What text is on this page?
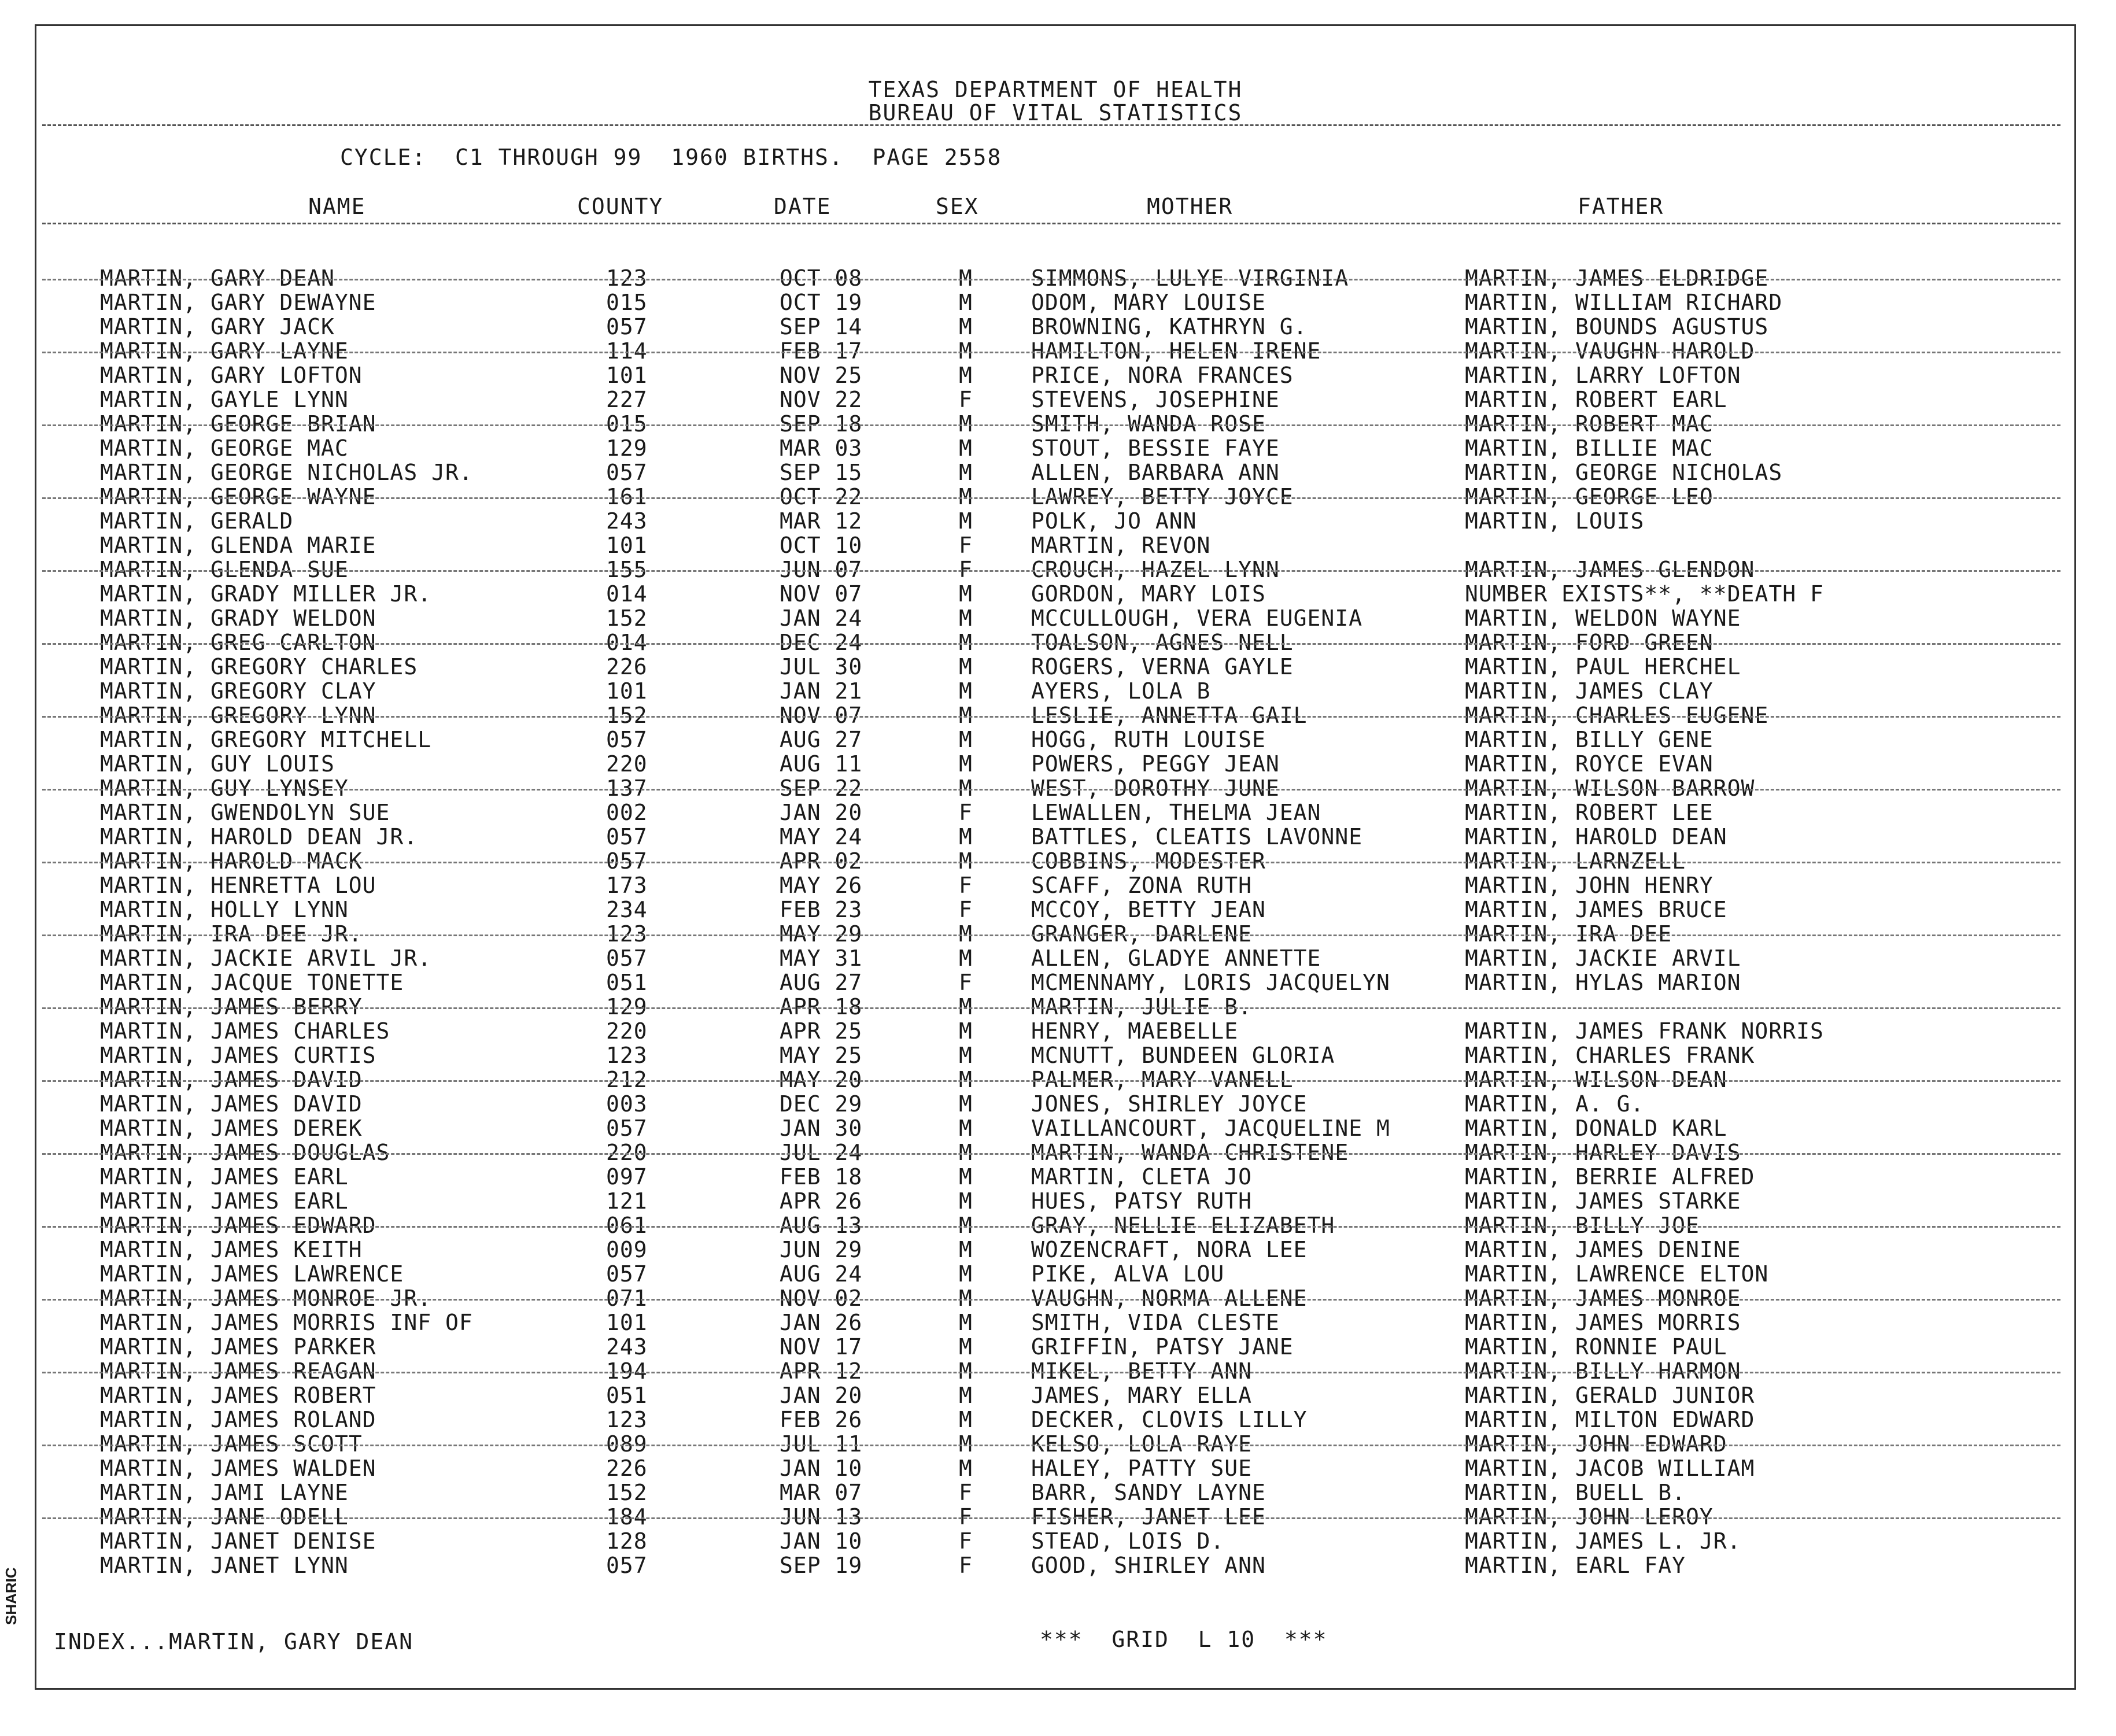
TEXAS DEPARTMENT OF HEALTH
BUREAU OF VITAL STATISTICS
CYCLE:  C1 THROUGH 99  1960 BIRTHS.  PAGE 2558
NAME	COUNTY	DATE	SEX	MOTHER	FATHER
MARTIN, GARY DEAN	123	OCT 08	M	SIMMONS, LULYE VIRGINIA	MARTIN, JAMES ELDRIDGE
MARTIN, GARY DEWAYNE	015	OCT 19	M	ODOM, MARY LOUISE	MARTIN, WILLIAM RICHARD
MARTIN, GARY JACK	057	SEP 14	M	BROWNING, KATHRYN G.	MARTIN, BOUNDS AGUSTUS
MARTIN, GARY LAYNE	114	FEB 17	M	HAMILTON, HELEN IRENE	MARTIN, VAUGHN HAROLD
MARTIN, GARY LOFTON	101	NOV 25	M	PRICE, NORA FRANCES	MARTIN, LARRY LOFTON
MARTIN, GAYLE LYNN	227	NOV 22	F	STEVENS, JOSEPHINE	MARTIN, ROBERT EARL
MARTIN, GEORGE BRIAN	015	SEP 18	M	SMITH, WANDA ROSE	MARTIN, ROBERT MAC
MARTIN, GEORGE MAC	129	MAR 03	M	STOUT, BESSIE FAYE	MARTIN, BILLIE MAC
MARTIN, GEORGE NICHOLAS JR.	057	SEP 15	M	ALLEN, BARBARA ANN	MARTIN, GEORGE NICHOLAS
MARTIN, GEORGE WAYNE	161	OCT 22	M	LAWREY, BETTY JOYCE	MARTIN, GEORGE LEO
MARTIN, GERALD	243	MAR 12	M	POLK, JO ANN	MARTIN, LOUIS
MARTIN, GLENDA MARIE	101	OCT 10	F	MARTIN, REVON
MARTIN, GLENDA SUE	155	JUN 07	F	CROUCH, HAZEL LYNN	MARTIN, JAMES GLENDON
MARTIN, GRADY MILLER JR.	014	NOV 07	M	GORDON, MARY LOIS	NUMBER EXISTS**, **DEATH F
MARTIN, GRADY WELDON	152	JAN 24	M	MCCULLOUGH, VERA EUGENIA	MARTIN, WELDON WAYNE
MARTIN, GREG CARLTON	014	DEC 24	M	TOALSON, AGNES NELL	MARTIN, FORD GREEN
MARTIN, GREGORY CHARLES	226	JUL 30	M	ROGERS, VERNA GAYLE	MARTIN, PAUL HERCHEL
MARTIN, GREGORY CLAY	101	JAN 21	M	AYERS, LOLA B	MARTIN, JAMES CLAY
MARTIN, GREGORY LYNN	152	NOV 07	M	LESLIE, ANNETTA GAIL	MARTIN, CHARLES EUGENE
MARTIN, GREGORY MITCHELL	057	AUG 27	M	HOGG, RUTH LOUISE	MARTIN, BILLY GENE
MARTIN, GUY LOUIS	220	AUG 11	M	POWERS, PEGGY JEAN	MARTIN, ROYCE EVAN
MARTIN, GUY LYNSEY	137	SEP 22	M	WEST, DOROTHY JUNE	MARTIN, WILSON BARROW
MARTIN, GWENDOLYN SUE	002	JAN 20	F	LEWALLEN, THELMA JEAN	MARTIN, ROBERT LEE
MARTIN, HAROLD DEAN JR.	057	MAY 24	M	BATTLES, CLEATIS LAVONNE	MARTIN, HAROLD DEAN
MARTIN, HAROLD MACK	057	APR 02	M	COBBINS, MODESTER	MARTIN, LARNZELL
MARTIN, HENRETTA LOU	173	MAY 26	F	SCAFF, ZONA RUTH	MARTIN, JOHN HENRY
MARTIN, HOLLY LYNN	234	FEB 23	F	MCCOY, BETTY JEAN	MARTIN, JAMES BRUCE
MARTIN, IRA DEE JR.	123	MAY 29	M	GRANGER, DARLENE	MARTIN, IRA DEE
MARTIN, JACKIE ARVIL JR.	057	MAY 31	M	ALLEN, GLADYE ANNETTE	MARTIN, JACKIE ARVIL
MARTIN, JACQUE TONETTE	051	AUG 27	F	MCMENNAMY, LORIS JACQUELYN	MARTIN, HYLAS MARION
MARTIN, JAMES BERRY	129	APR 18	M	MARTIN, JULIE B.
MARTIN, JAMES CHARLES	220	APR 25	M	HENRY, MAEBELLE	MARTIN, JAMES FRANK NORRIS
MARTIN, JAMES CURTIS	123	MAY 25	M	MCNUTT, BUNDEEN GLORIA	MARTIN, CHARLES FRANK
MARTIN, JAMES DAVID	212	MAY 20	M	PALMER, MARY VANELL	MARTIN, WILSON DEAN
MARTIN, JAMES DAVID	003	DEC 29	M	JONES, SHIRLEY JOYCE	MARTIN, A. G.
MARTIN, JAMES DEREK	057	JAN 30	M	VAILLANCOURT, JACQUELINE M	MARTIN, DONALD KARL
MARTIN, JAMES DOUGLAS	220	JUL 24	M	MARTIN, WANDA CHRISTENE	MARTIN, HARLEY DAVIS
MARTIN, JAMES EARL	097	FEB 18	M	MARTIN, CLETA JO	MARTIN, BERRIE ALFRED
MARTIN, JAMES EARL	121	APR 26	M	HUES, PATSY RUTH	MARTIN, JAMES STARKE
MARTIN, JAMES EDWARD	061	AUG 13	M	GRAY, NELLIE ELIZABETH	MARTIN, BILLY JOE
MARTIN, JAMES KEITH	009	JUN 29	M	WOZENCRAFT, NORA LEE	MARTIN, JAMES DENINE
MARTIN, JAMES LAWRENCE	057	AUG 24	M	PIKE, ALVA LOU	MARTIN, LAWRENCE ELTON
MARTIN, JAMES MONROE JR.	071	NOV 02	M	VAUGHN, NORMA ALLENE	MARTIN, JAMES MONROE
MARTIN, JAMES MORRIS INF OF	101	JAN 26	M	SMITH, VIDA CLESTE	MARTIN, JAMES MORRIS
MARTIN, JAMES PARKER	243	NOV 17	M	GRIFFIN, PATSY JANE	MARTIN, RONNIE PAUL
MARTIN, JAMES REAGAN	194	APR 12	M	MIKEL, BETTY ANN	MARTIN, BILLY HARMON
MARTIN, JAMES ROBERT	051	JAN 20	M	JAMES, MARY ELLA	MARTIN, GERALD JUNIOR
MARTIN, JAMES ROLAND	123	FEB 26	M	DECKER, CLOVIS LILLY	MARTIN, MILTON EDWARD
MARTIN, JAMES SCOTT	089	JUL 11	M	KELSO, LOLA RAYE	MARTIN, JOHN EDWARD
MARTIN, JAMES WALDEN	226	JAN 10	M	HALEY, PATTY SUE	MARTIN, JACOB WILLIAM
MARTIN, JAMI LAYNE	152	MAR 07	F	BARR, SANDY LAYNE	MARTIN, BUELL B.
MARTIN, JANE ODELL	184	JUN 13	F	FISHER, JANET LEE	MARTIN, JOHN LEROY
MARTIN, JANET DENISE	128	JAN 10	F	STEAD, LOIS D.	MARTIN, JAMES L. JR.
MARTIN, JANET LYNN	057	SEP 19	F	GOOD, SHIRLEY ANN	MARTIN, EARL FAY
INDEX...MARTIN, GARY DEAN	***  GRID  L 10  ***
SHARIC
